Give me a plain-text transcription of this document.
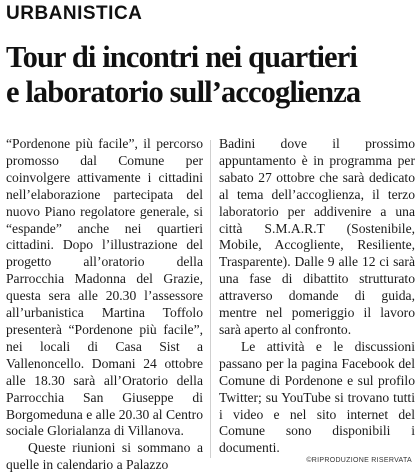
URBANISTICA
Tour di incontri nei quartieri
e laboratorio sull’accoglienza

“Pordenone più facile”, il percorso promosso dal Comune per coinvolgere attivamente i cittadini nell’elaborazione partecipata del nuovo Piano regolatore generale, si “espande” anche nei quartieri cittadini. Dopo l’illustrazione del progetto all’oratorio della Parrocchia Madonna del Grazie, questa sera alle 20.30 l’assessore all’urbanistica Martina Toffolo presenterà “Pordenone più facile”, nei locali di Casa Sist a Vallenoncello. Domani 24 ottobre alle 18.30 sarà all’Oratorio della Parrocchia San Giuseppe di Borgomeduna e alle 20.30 al Centro sociale Glorialanza di Villanova.

Queste riunioni si sommano a quelle in calendario a Palazzo

Badini dove il prossimo appuntamento è in programma per sabato 27 ottobre che sarà dedicato al tema dell’accoglienza, il terzo laboratorio per addivenire a una città S.M.A.R.T (Sostenibile, Mobile, Accogliente, Resiliente, Trasparente). Dalle 9 alle 12 ci sarà una fase di dibattito strutturato attraverso domande di guida, mentre nel pomeriggio il lavoro sarà aperto al confronto.

Le attività e le discussioni passano per la pagina Facebook del Comune di Pordenone e sul profilo Twitter; su YouTube si trovano tutti i video e nel sito internet del Comune sono disponibili i documenti.

©RIPRODUZIONE RISERVATA
